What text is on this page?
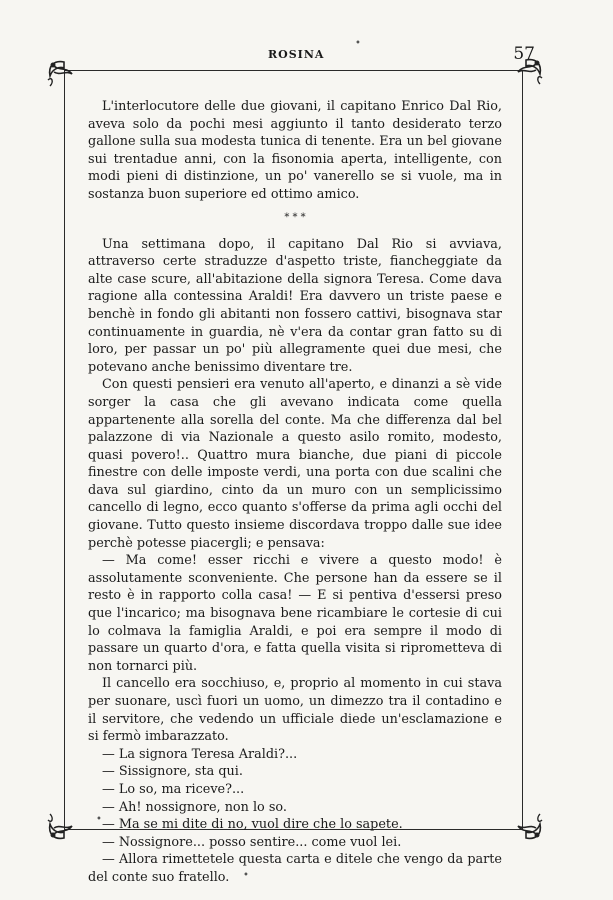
ROSINA	57

L'interlocutore delle due giovani, il capitano Enrico Dal Rio, aveva solo da pochi mesi aggiunto il tanto desiderato terzo gallone sulla sua modesta tunica di tenente. Era un bel giovane sui trentadue anni, con la fisonomia aperta, intelligente, con modi pieni di distinzione, un po' vanerello se si vuole, ma in sostanza buon superiore ed ottimo amico.

* * *

Una settimana dopo, il capitano Dal Rio si avviava, attraverso certe straduzze d'aspetto triste, fiancheggiate da alte case scure, all'abitazione della signora Teresa. Come dava ragione alla contessina Araldi! Era davvero un triste paese e benchè in fondo gli abitanti non fossero cattivi, bisognava star continuamente in guardia, nè v'era da contar gran fatto su di loro, per passar un po' più allegramente quei due mesi, che potevano anche benissimo diventare tre.

Con questi pensieri era venuto all'aperto, e dinanzi a sè vide sorger la casa che gli avevano indicata come quella appartenente alla sorella del conte. Ma che differenza dal bel palazzone di via Nazionale a questo asilo romito, modesto, quasi povero!.. Quattro mura bianche, due piani di piccole finestre con delle imposte verdi, una porta con due scalini che dava sul giardino, cinto da un muro con un semplicissimo cancello di legno, ecco quanto s'offerse da prima agli occhi del giovane. Tutto questo insieme discordava troppo dalle sue idee perchè potesse piacergli; e pensava:

— Ma come! esser ricchi e vivere a questo modo! è assolutamente sconveniente. Che persone han da essere se il resto è in rapporto colla casa! — E si pentiva d'essersi preso que l'incarico; ma bisognava bene ricambiare le cortesie di cui lo colmava la famiglia Araldi, e poi era sempre il modo di passare un quarto d'ora, e fatta quella visita si riprometteva di non tornarci più.

Il cancello era socchiuso, e, proprio al momento in cui stava per suonare, uscì fuori un uomo, un dimezzo tra il contadino e il servitore, che vedendo un ufficiale diede un'esclamazione e si fermò imbarazzato.

— La signora Teresa Araldi?...

— Sissignore, sta qui.

— Lo so, ma riceve?...

— Ah! nossignore, non lo so.

— Ma se mi dite di no, vuol dire che lo sapete.

— Nossignore... posso sentire... come vuol lei.

— Allora rimettetele questa carta e ditele che vengo da parte del conte suo fratello.

•
•
•
